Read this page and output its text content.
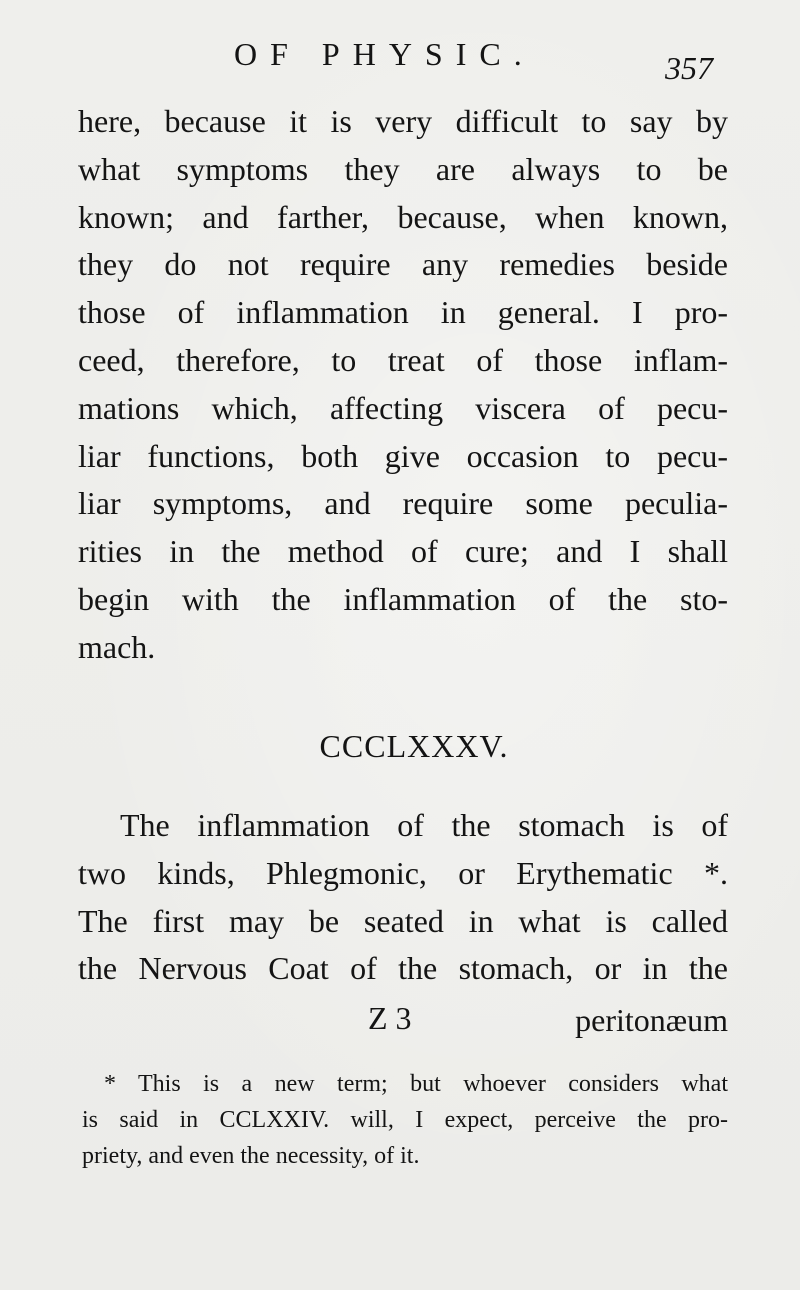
OF PHYSIC.	357
here, because it is very difficult to say by
what symptoms they are always to be
known; and farther, because, when known,
they do not require any remedies beside
those of inflammation in general. I pro-
ceed, therefore, to treat of those inflam-
mations which, affecting viscera of pecu-
liar functions, both give occasion to pecu-
liar symptoms, and require some peculia-
rities in the method of cure; and I shall
begin with the inflammation of the sto-
mach.
CCCLXXXV.
The inflammation of the stomach is of
two kinds, Phlegmonic, or Erythematic *.
The first may be seated in what is called
the Nervous Coat of the stomach, or in the
Z 3	peritonæum
* This is a new term; but whoever considers what
is said in CCLXXIV. will, I expect, perceive the pro-
priety, and even the necessity, of it.
